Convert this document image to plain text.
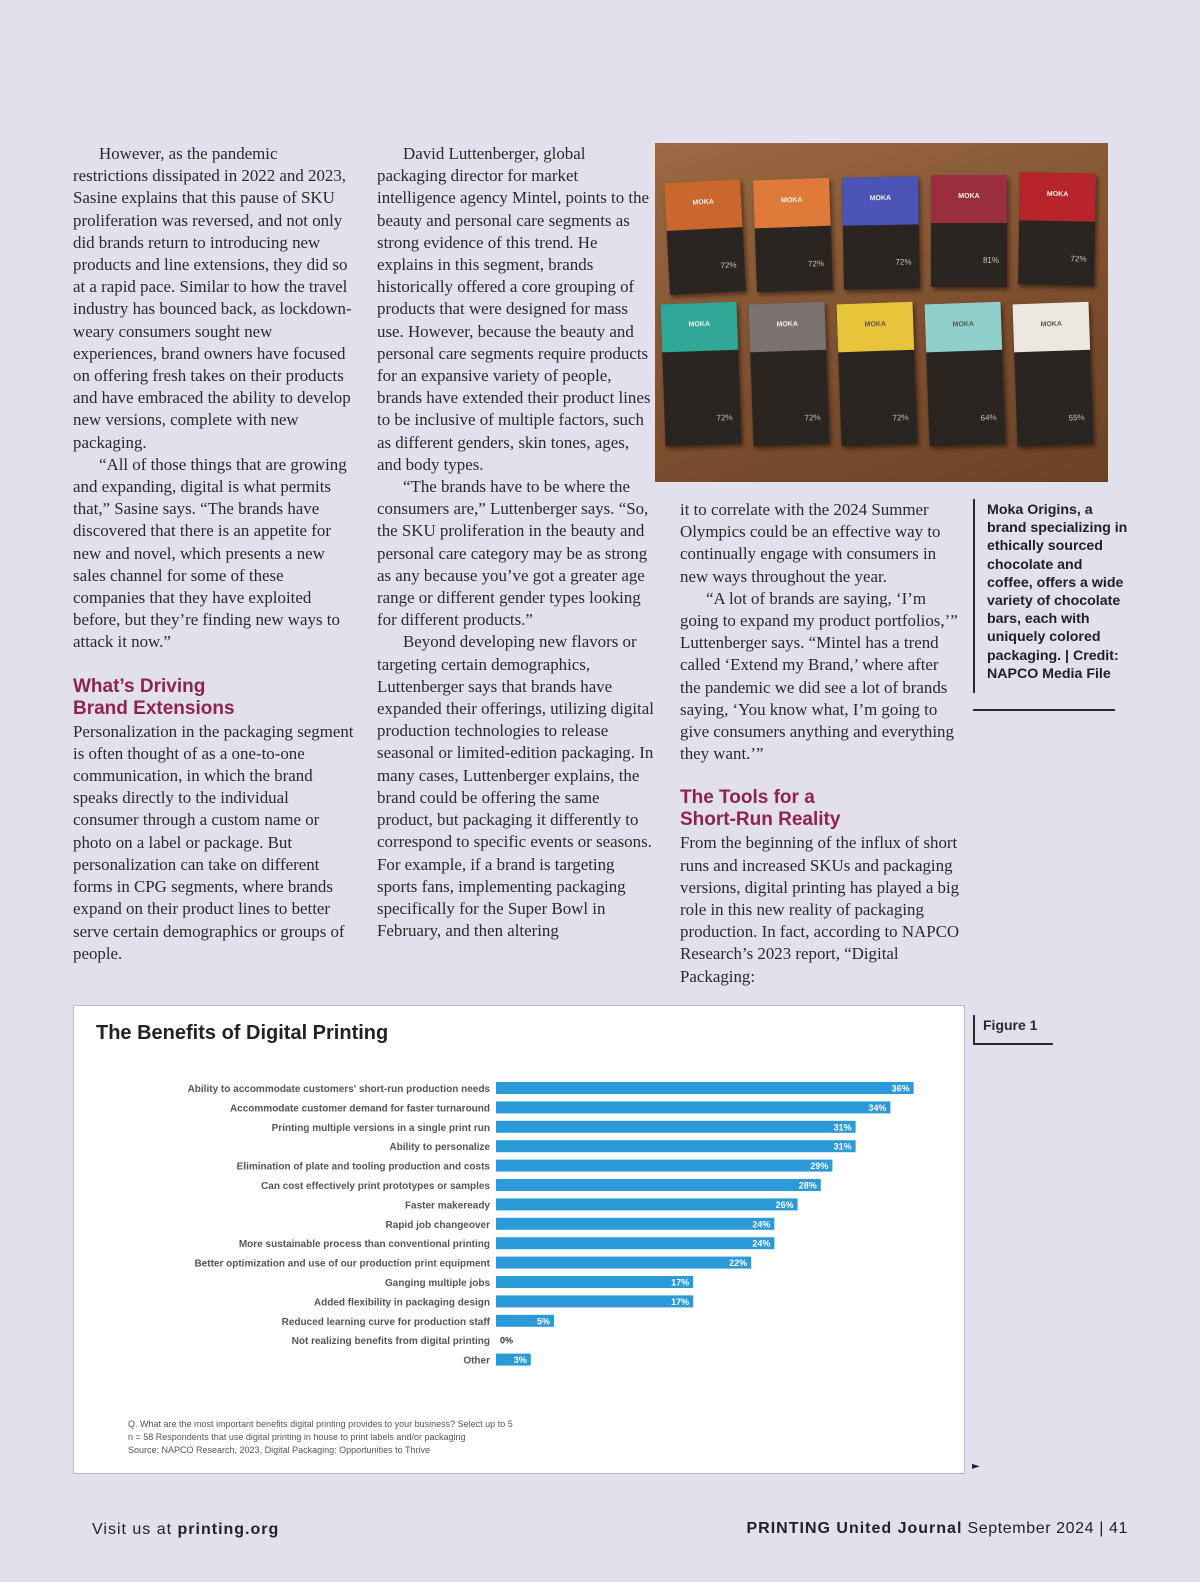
However, as the pandemic restrictions dissipated in 2022 and 2023, Sasine explains that this pause of SKU proliferation was reversed, and not only did brands return to introducing new products and line extensions, they did so at a rapid pace. Similar to how the travel industry has bounced back, as lockdown-weary consumers sought new experiences, brand owners have focused on offering fresh takes on their products and have embraced the ability to develop new versions, complete with new packaging.

“All of those things that are growing and expanding, digital is what permits that,” Sasine says. “The brands have discovered that there is an appetite for new and novel, which presents a new sales channel for some of these companies that they have exploited before, but they’re finding new ways to attack it now.”

What’s Driving
Brand Extensions

Personalization in the packaging segment is often thought of as a one-to-one communication, in which the brand speaks directly to the individual consumer through a custom name or photo on a label or package. But personalization can take on different forms in CPG segments, where brands expand on their product lines to better serve certain demographics or groups of people.

David Luttenberger, global packaging director for market intelligence agency Mintel, points to the beauty and personal care segments as strong evidence of this trend. He explains in this segment, brands historically offered a core grouping of products that were designed for mass use. However, because the beauty and personal care segments require products for an expansive variety of people, brands have extended their product lines to be inclusive of multiple factors, such as different genders, skin tones, ages, and body types.

“The brands have to be where the consumers are,” Luttenberger says. “So, the SKU proliferation in the beauty and personal care category may be as strong as any because you’ve got a greater age range or different gender types looking for different products.”

Beyond developing new flavors or targeting certain demographics, Luttenberger says that brands have expanded their offerings, utilizing digital production technologies to release seasonal or limited-edition packaging. In many cases, Luttenberger explains, the brand could be offering the same product, but packaging it differently to correspond to specific events or seasons. For example, if a brand is targeting sports fans, implementing packaging specifically for the Super Bowl in February, and then altering

MOKA
72%
MOKA
72%
MOKA
72%
MOKA
81%
MOKA
72%
MOKA
72%
MOKA
72%
MOKA
72%
MOKA
64%
MOKA
55%

it to correlate with the 2024 Summer Olympics could be an effective way to continually engage with consumers in new ways throughout the year.

“A lot of brands are saying, ‘I’m going to expand my product portfolios,’” Luttenberger says. “Mintel has a trend called ‘Extend my Brand,’ where after the pandemic we did see a lot of brands saying, ‘You know what, I’m going to give consumers anything and everything they want.’”

The Tools for a
Short-Run Reality

From the beginning of the influx of short runs and increased SKUs and packaging versions, digital printing has played a big role in this new reality of packaging production. In fact, according to NAPCO Research’s 2023 report, “Digital Packaging:

Moka Origins, a brand specializing in ethically sourced chocolate and coffee, offers a wide variety of chocolate bars, each with uniquely colored packaging. | Credit: NAPCO Media File
The Benefits of Digital Printing
Ability to accommodate customers' short-run production needs	36%
Accommodate customer demand for faster turnaround	34%
Printing multiple versions in a single print run	31%
Ability to personalize	31%
Elimination of plate and tooling production and costs	29%
Can cost effectively print prototypes or samples	28%
Faster makeready	26%
Rapid job changeover	24%
More sustainable process than conventional printing	24%
Better optimization and use of our production print equipment	22%
Ganging multiple jobs	17%
Added flexibility in packaging design	17%
Reduced learning curve for production staff	5%
Not realizing benefits from digital printing 0%
Other	3%
Q. What are the most important benefits digital printing provides to your business? Select up to 5
n = 58 Respondents that use digital printing in house to print labels and/or packaging
Source: NAPCO Research, 2023, Digital Packaging: Opportunities to Thrive
Figure 1
►
Visit us at printing.org	PRINTING United Journal September 2024 | 41
